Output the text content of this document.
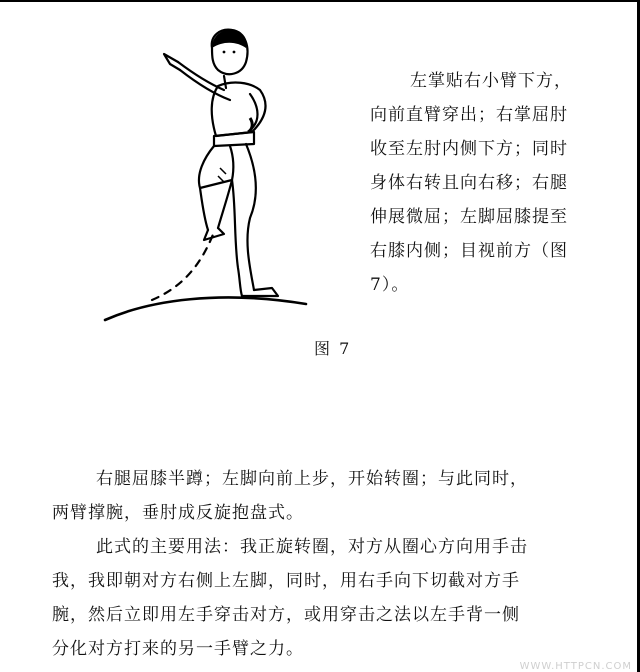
图 7

左掌贴右小臂下方，

向前直臂穿出；右掌屈肘

收至左肘内侧下方；同时

身体右转且向右移；右腿

伸展微屈；左脚屈膝提至

右膝内侧；目视前方（图

7）。

右腿屈膝半蹲；左脚向前上步，开始转圈；与此同时，

两臂撑腕，垂肘成反旋抱盘式。

此式的主要用法：我正旋转圈，对方从圈心方向用手击

我，我即朝对方右侧上左脚，同时，用右手向下切截对方手

腕，然后立即用左手穿击对方，或用穿击之法以左手背一侧

分化对方打来的另一手臂之力。

WWW.HTTPCN.COM
